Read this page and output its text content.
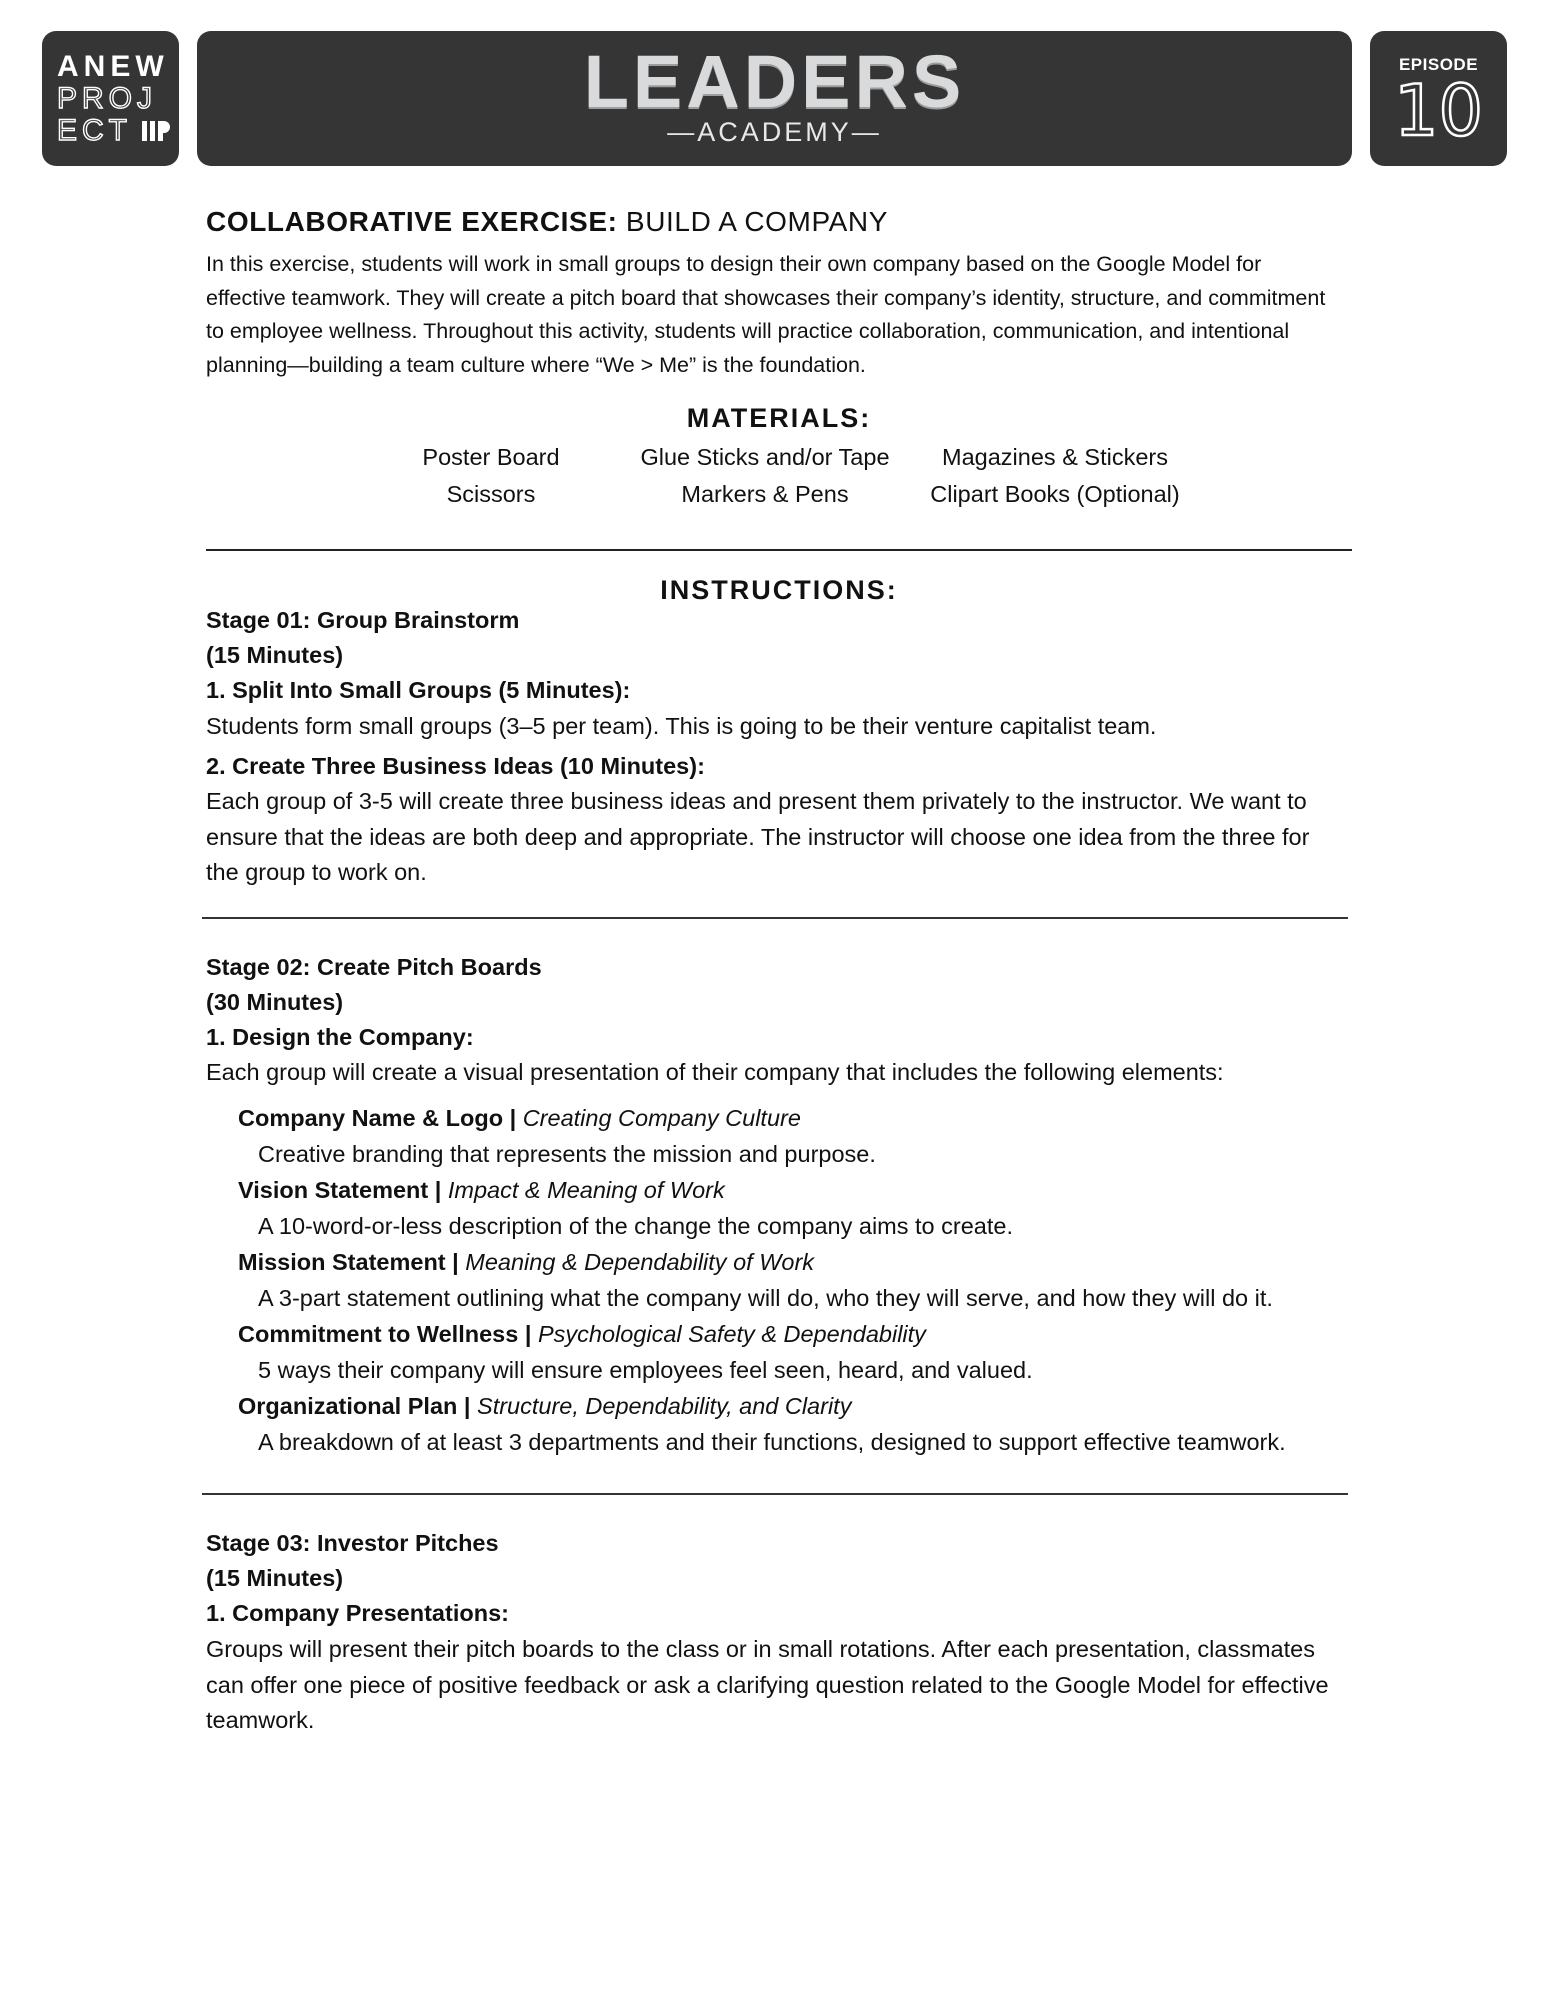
ANEW
PROJ
ECT
LEADERS
—ACADEMY—
EPISODE
10
COLLABORATIVE EXERCISE: BUILD A COMPANY
In this exercise, students will work in small groups to design their own company based on the Google Model for effective teamwork. They will create a pitch board that showcases their company’s identity, structure, and commitment to employee wellness. Throughout this activity, students will practice collaboration, communication, and intentional planning—building a team culture where “We > Me” is the foundation.
MATERIALS:
Poster Board	Glue Sticks and/or Tape	Magazines & Stickers
Scissors	Markers & Pens	Clipart Books (Optional)
INSTRUCTIONS:
Stage 01: Group Brainstorm
(15 Minutes)
1. Split Into Small Groups (5 Minutes):
Students form small groups (3–5 per team). This is going to be their venture capitalist team.
2. Create Three Business Ideas (10 Minutes):
Each group of 3-5 will create three business ideas and present them privately to the instructor. We want to ensure that the ideas are both deep and appropriate. The instructor will choose one idea from the three for the group to work on.
Stage 02: Create Pitch Boards
(30 Minutes)
1. Design the Company:
Each group will create a visual presentation of their company that includes the following elements:
Company Name & Logo | Creating Company Culture
Creative branding that represents the mission and purpose.
Vision Statement | Impact & Meaning of Work
A 10-word-or-less description of the change the company aims to create.
Mission Statement | Meaning & Dependability of Work
A 3-part statement outlining what the company will do, who they will serve, and how they will do it.
Commitment to Wellness | Psychological Safety & Dependability
5 ways their company will ensure employees feel seen, heard, and valued.
Organizational Plan | Structure, Dependability, and Clarity
A breakdown of at least 3 departments and their functions, designed to support effective teamwork.
Stage 03: Investor Pitches
(15 Minutes)
1. Company Presentations:
Groups will present their pitch boards to the class or in small rotations. After each presentation, classmates can offer one piece of positive feedback or ask a clarifying question related to the Google Model for effective teamwork.
